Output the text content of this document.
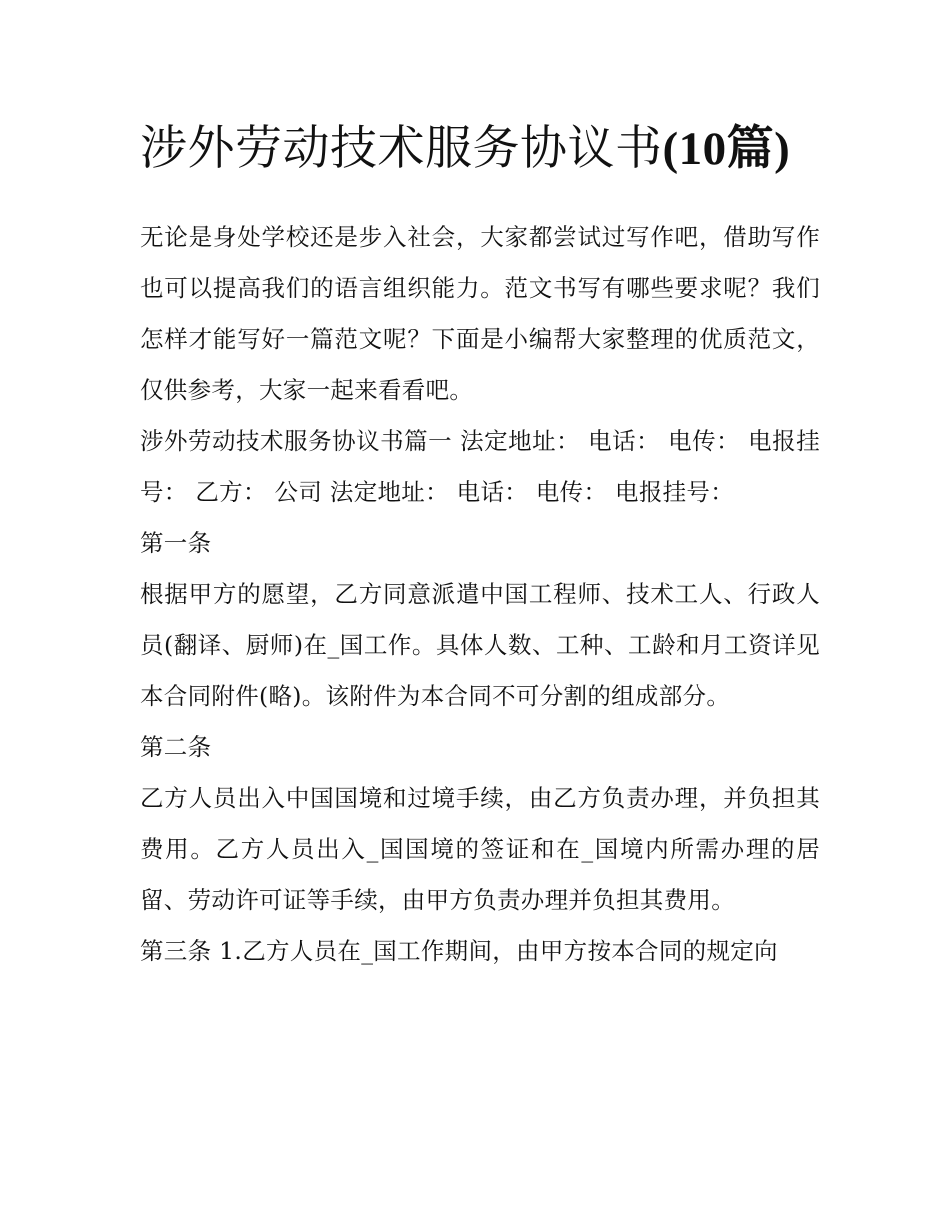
涉外劳动技术服务协议书(10篇)

无论是身处学校还是步入社会，大家都尝试过写作吧，借助写作也可以提高我们的语言组织能力。范文书写有哪些要求呢？我们怎样才能写好一篇范文呢？下面是小编帮大家整理的优质范文，仅供参考，大家一起来看看吧。

涉外劳动技术服务协议书篇一 法定地址： 电话： 电传： 电报挂号： 乙方： 公司 法定地址： 电话： 电传： 电报挂号：

第一条

根据甲方的愿望，乙方同意派遣中国工程师、技术工人、行政人员(翻译、厨师)在_国工作。具体人数、工种、工龄和月工资详见本合同附件(略)。该附件为本合同不可分割的组成部分。

第二条

乙方人员出入中国国境和过境手续，由乙方负责办理，并负担其费用。乙方人员出入_国国境的签证和在_国境内所需办理的居留、劳动许可证等手续，由甲方负责办理并负担其费用。

第三条 1.乙方人员在_国工作期间，由甲方按本合同的规定向
